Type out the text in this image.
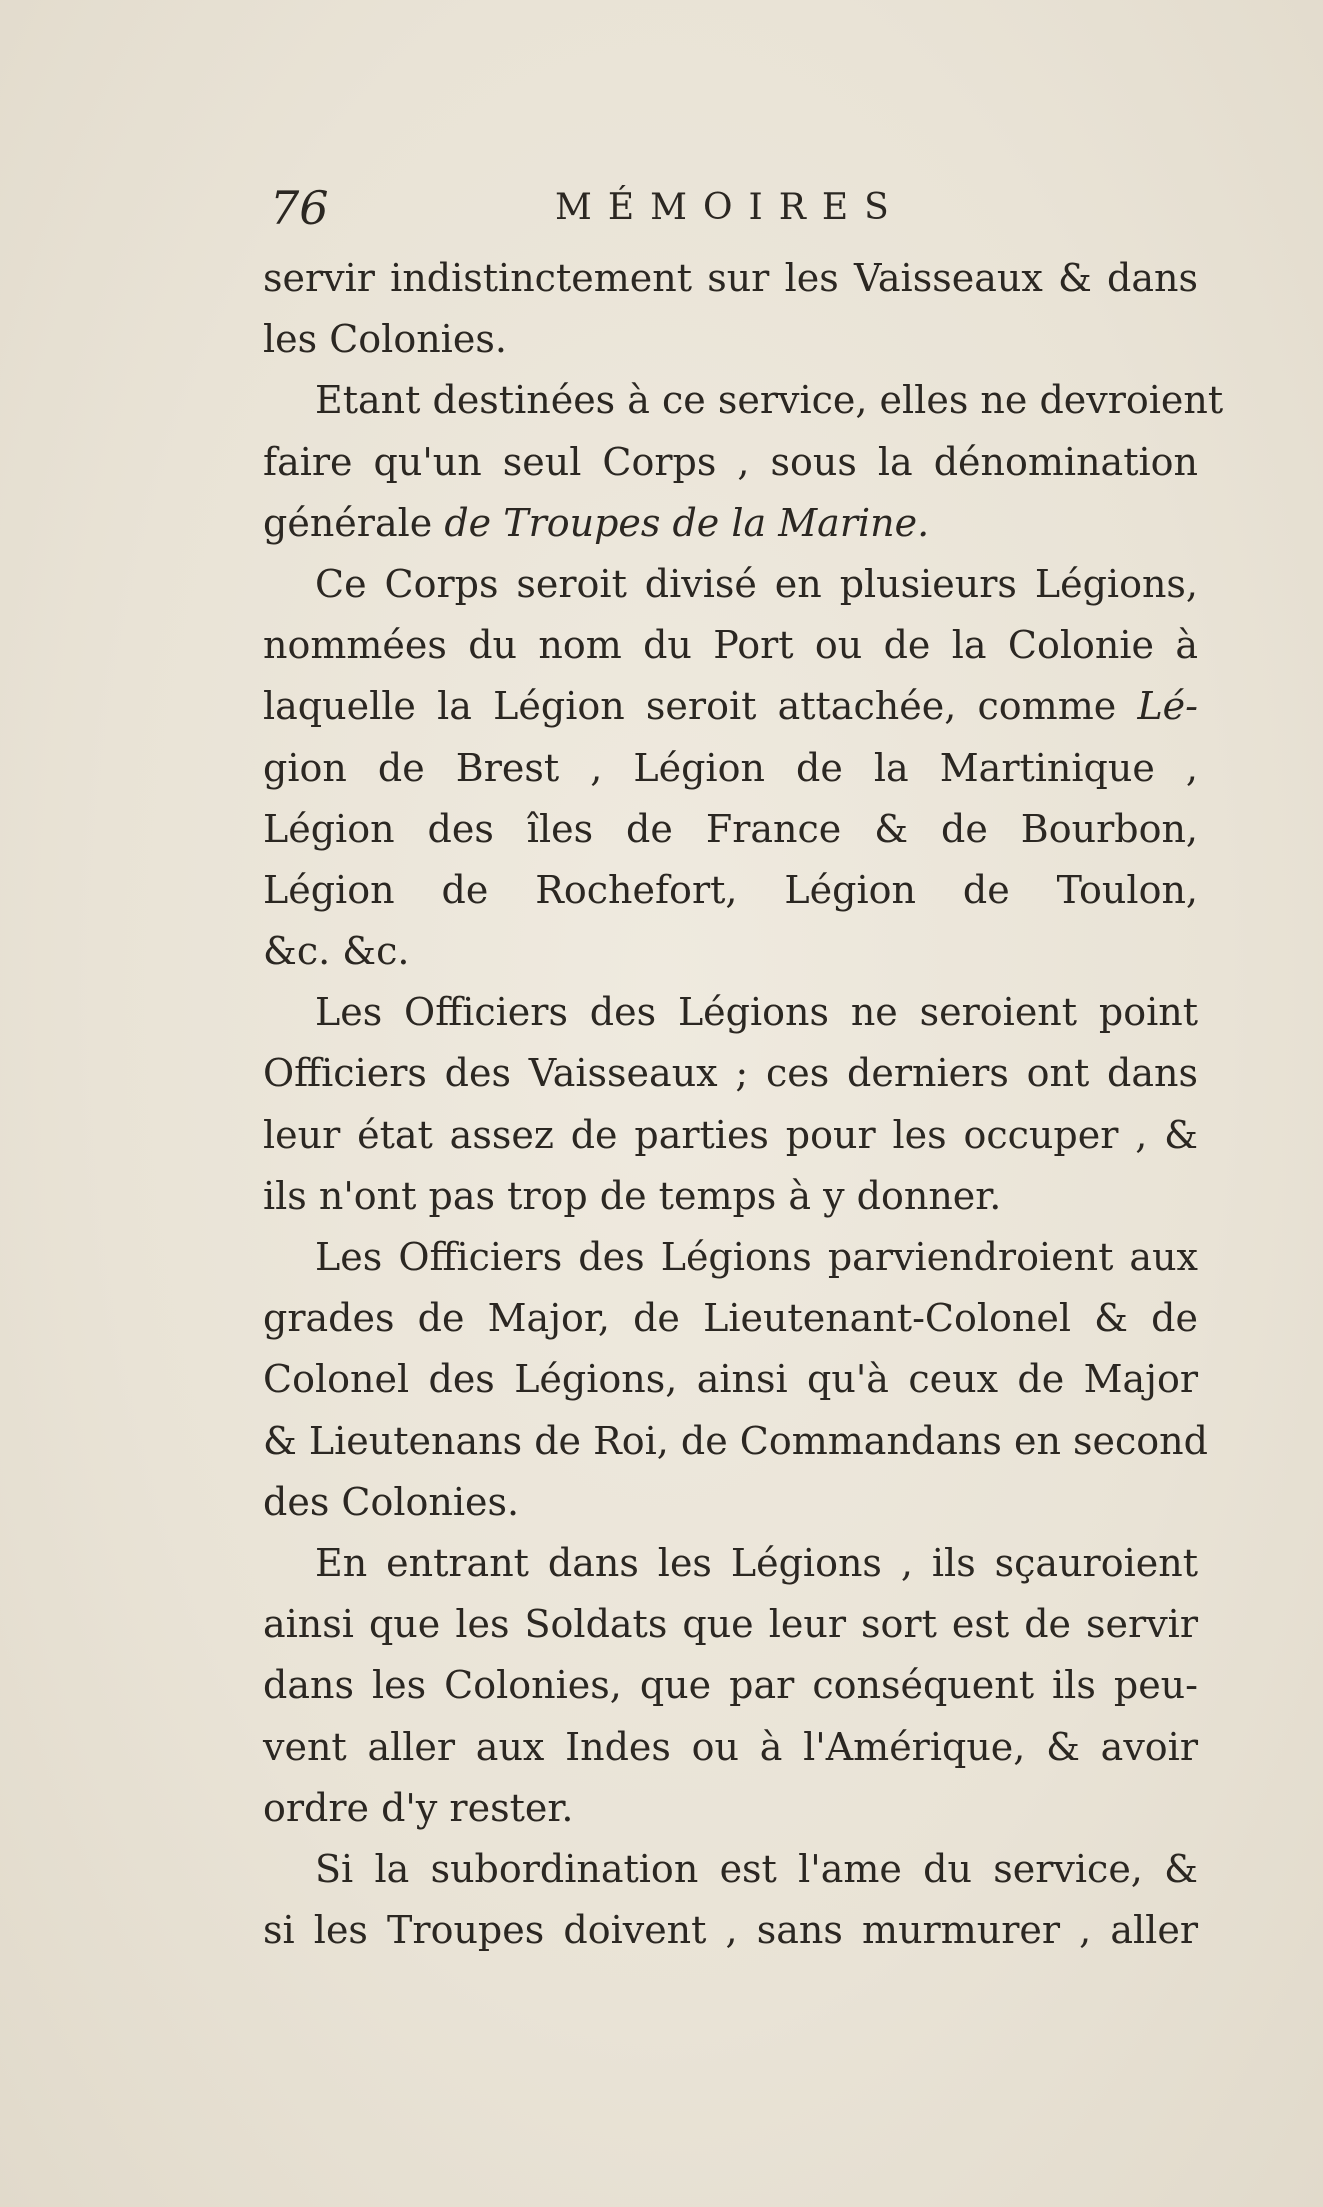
76	MÉMOIRES
servir indistinctement sur les Vaisseaux & dans
les Colonies.
Etant destinées à ce service, elles ne devroient
faire qu'un seul Corps , sous la dénomination
générale de Troupes de la Marine.
Ce Corps seroit divisé en plusieurs Légions,
nommées du nom du Port ou de la Colonie à
laquelle la Légion seroit attachée, comme Lé-
gion de Brest , Légion de la Martinique ,
Légion des îles de France & de Bourbon,
Légion de Rochefort, Légion de Toulon,
&c. &c.
Les Officiers des Légions ne seroient point
Officiers des Vaisseaux ; ces derniers ont dans
leur état assez de parties pour les occuper , &
ils n'ont pas trop de temps à y donner.
Les Officiers des Légions parviendroient aux
grades de Major, de Lieutenant-Colonel & de
Colonel des Légions, ainsi qu'à ceux de Major
& Lieutenans de Roi, de Commandans en second
des Colonies.
En entrant dans les Légions , ils sçauroient
ainsi que les Soldats que leur sort est de servir
dans les Colonies, que par conséquent ils peu-
vent aller aux Indes ou à l'Amérique, & avoir
ordre d'y rester.
Si la subordination est l'ame du service, &
si les Troupes doivent , sans murmurer , aller
